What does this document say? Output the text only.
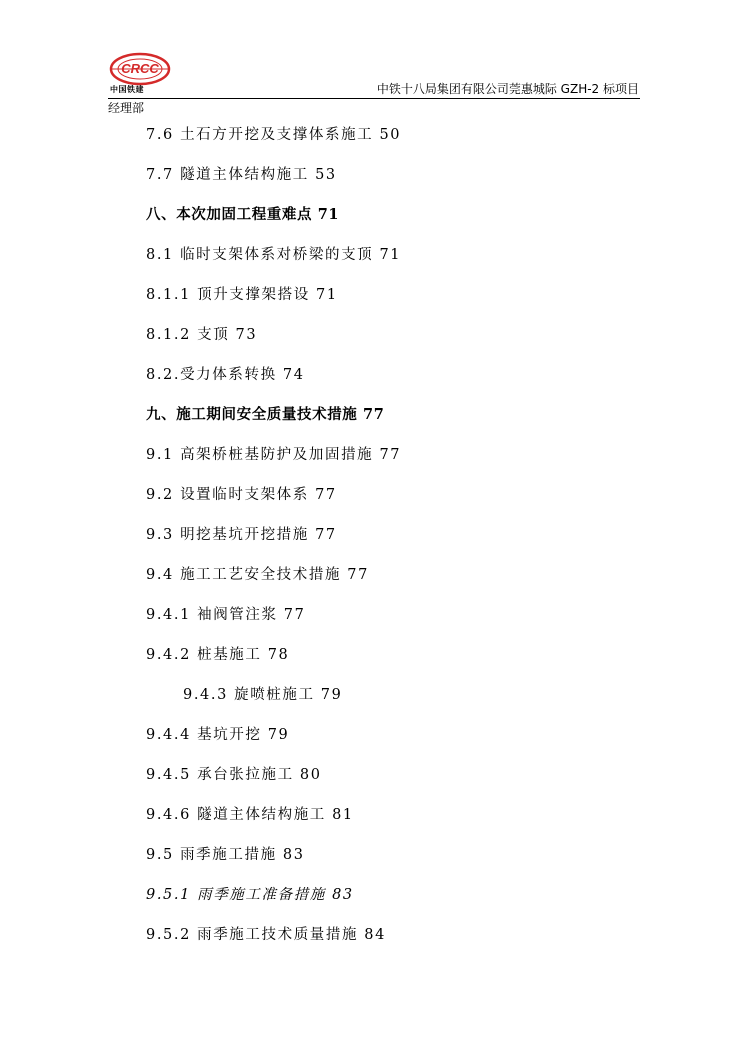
CRCC
中国铁建	中铁十八局集团有限公司莞惠城际 GZH-2 标项目
经理部
7.6 土石方开挖及支撑体系施工 50
7.7 隧道主体结构施工 53
八、本次加固工程重难点 71
8.1 临时支架体系对桥梁的支顶 71
8.1.1 顶升支撑架搭设 71
8.1.2 支顶 73
8.2.受力体系转换 74
九、施工期间安全质量技术措施 77
9.1 高架桥桩基防护及加固措施 77
9.2 设置临时支架体系 77
9.3 明挖基坑开挖措施 77
9.4 施工工艺安全技术措施 77
9.4.1 袖阀管注浆 77
9.4.2 桩基施工 78
9.4.3 旋喷桩施工 79
9.4.4 基坑开挖 79
9.4.5 承台张拉施工 80
9.4.6 隧道主体结构施工 81
9.5 雨季施工措施 83
9.5.1 雨季施工准备措施 83
9.5.2 雨季施工技术质量措施 84
